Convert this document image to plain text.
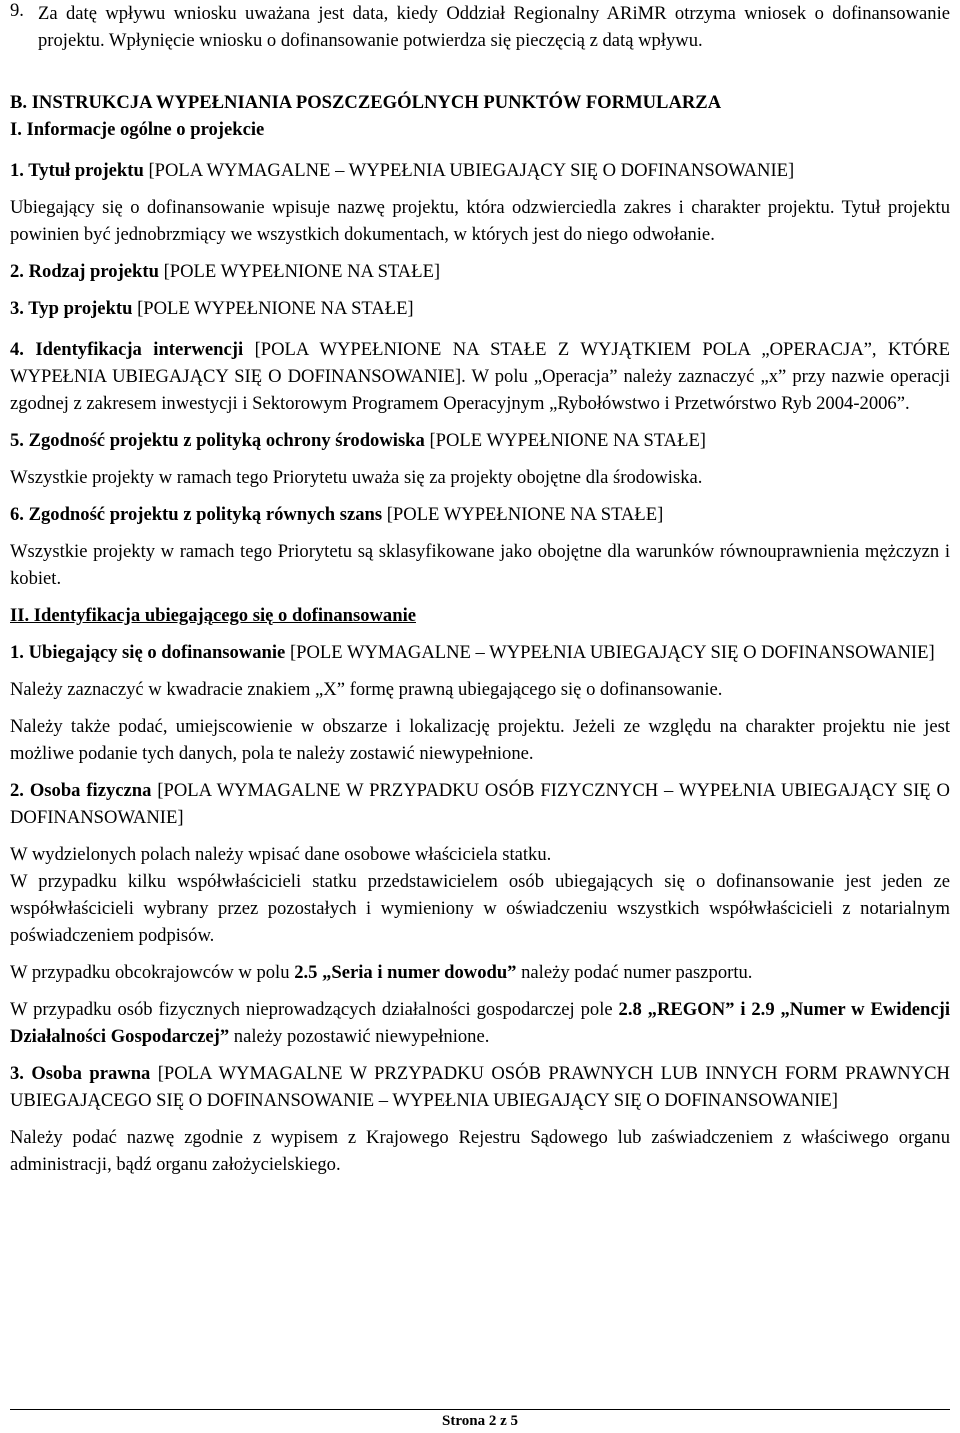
9. Za datę wpływu wniosku uważana jest data, kiedy Oddział Regionalny ARiMR otrzyma wniosek o dofinansowanie projektu. Wpłynięcie wniosku o dofinansowanie potwierdza się pieczęcią z datą wpływu.

B. INSTRUKCJA WYPEŁNIANIA POSZCZEGÓLNYCH PUNKTÓW FORMULARZA

I. Informacje ogólne o projekcie

1. Tytuł projektu [POLA WYMAGALNE – WYPEŁNIA UBIEGAJĄCY SIĘ O DOFINANSOWANIE]

Ubiegający się o dofinansowanie wpisuje nazwę projektu, która odzwierciedla zakres i charakter projektu. Tytuł projektu powinien być jednobrzmiący we wszystkich dokumentach, w których jest do niego odwołanie.

2. Rodzaj projektu [POLE WYPEŁNIONE NA STAŁE]

3. Typ projektu [POLE WYPEŁNIONE NA STAŁE]

4. Identyfikacja interwencji [POLA WYPEŁNIONE NA STAŁE Z WYJĄTKIEM POLA „OPERACJA”, KTÓRE WYPEŁNIA UBIEGAJĄCY SIĘ O DOFINANSOWANIE]. W polu „Operacja” należy zaznaczyć „x” przy nazwie operacji zgodnej z zakresem inwestycji i Sektorowym Programem Operacyjnym „Rybołówstwo i Przetwórstwo Ryb 2004-2006”.

5. Zgodność projektu z polityką ochrony środowiska [POLE WYPEŁNIONE NA STAŁE]

Wszystkie projekty w ramach tego Priorytetu uważa się za projekty obojętne dla środowiska.

6. Zgodność projektu z polityką równych szans [POLE WYPEŁNIONE NA STAŁE]

Wszystkie projekty w ramach tego Priorytetu są sklasyfikowane jako obojętne dla warunków równouprawnienia mężczyzn i kobiet.

II. Identyfikacja ubiegającego się o dofinansowanie

1. Ubiegający się o dofinansowanie [POLE WYMAGALNE – WYPEŁNIA UBIEGAJĄCY SIĘ O DOFINANSOWANIE]

Należy zaznaczyć w kwadracie znakiem „X” formę prawną ubiegającego się o dofinansowanie.

Należy także podać, umiejscowienie w obszarze i lokalizację projektu. Jeżeli ze względu na charakter projektu nie jest możliwe podanie tych danych, pola te należy zostawić niewypełnione.

2. Osoba fizyczna [POLA WYMAGALNE W PRZYPADKU OSÓB FIZYCZNYCH – WYPEŁNIA UBIEGAJĄCY SIĘ O DOFINANSOWANIE]

W wydzielonych polach należy wpisać dane osobowe właściciela statku.

W przypadku kilku współwłaścicieli statku przedstawicielem osób ubiegających się o dofinansowanie jest jeden ze współwłaścicieli wybrany przez pozostałych i wymieniony w oświadczeniu wszystkich współwłaścicieli z notarialnym poświadczeniem podpisów.

W przypadku obcokrajowców w polu 2.5 „Seria i numer dowodu” należy podać numer paszportu.

W przypadku osób fizycznych nieprowadzących działalności gospodarczej pole 2.8 „REGON” i 2.9 „Numer w Ewidencji Działalności Gospodarczej” należy pozostawić niewypełnione.

3. Osoba prawna [POLA WYMAGALNE W PRZYPADKU OSÓB PRAWNYCH LUB INNYCH FORM PRAWNYCH UBIEGAJĄCEGO SIĘ O DOFINANSOWANIE – WYPEŁNIA UBIEGAJĄCY SIĘ O DOFINANSOWANIE]

Należy podać nazwę zgodnie z wypisem z Krajowego Rejestru Sądowego lub zaświadczeniem z właściwego organu administracji, bądź organu założycielskiego.

Strona 2 z 5
